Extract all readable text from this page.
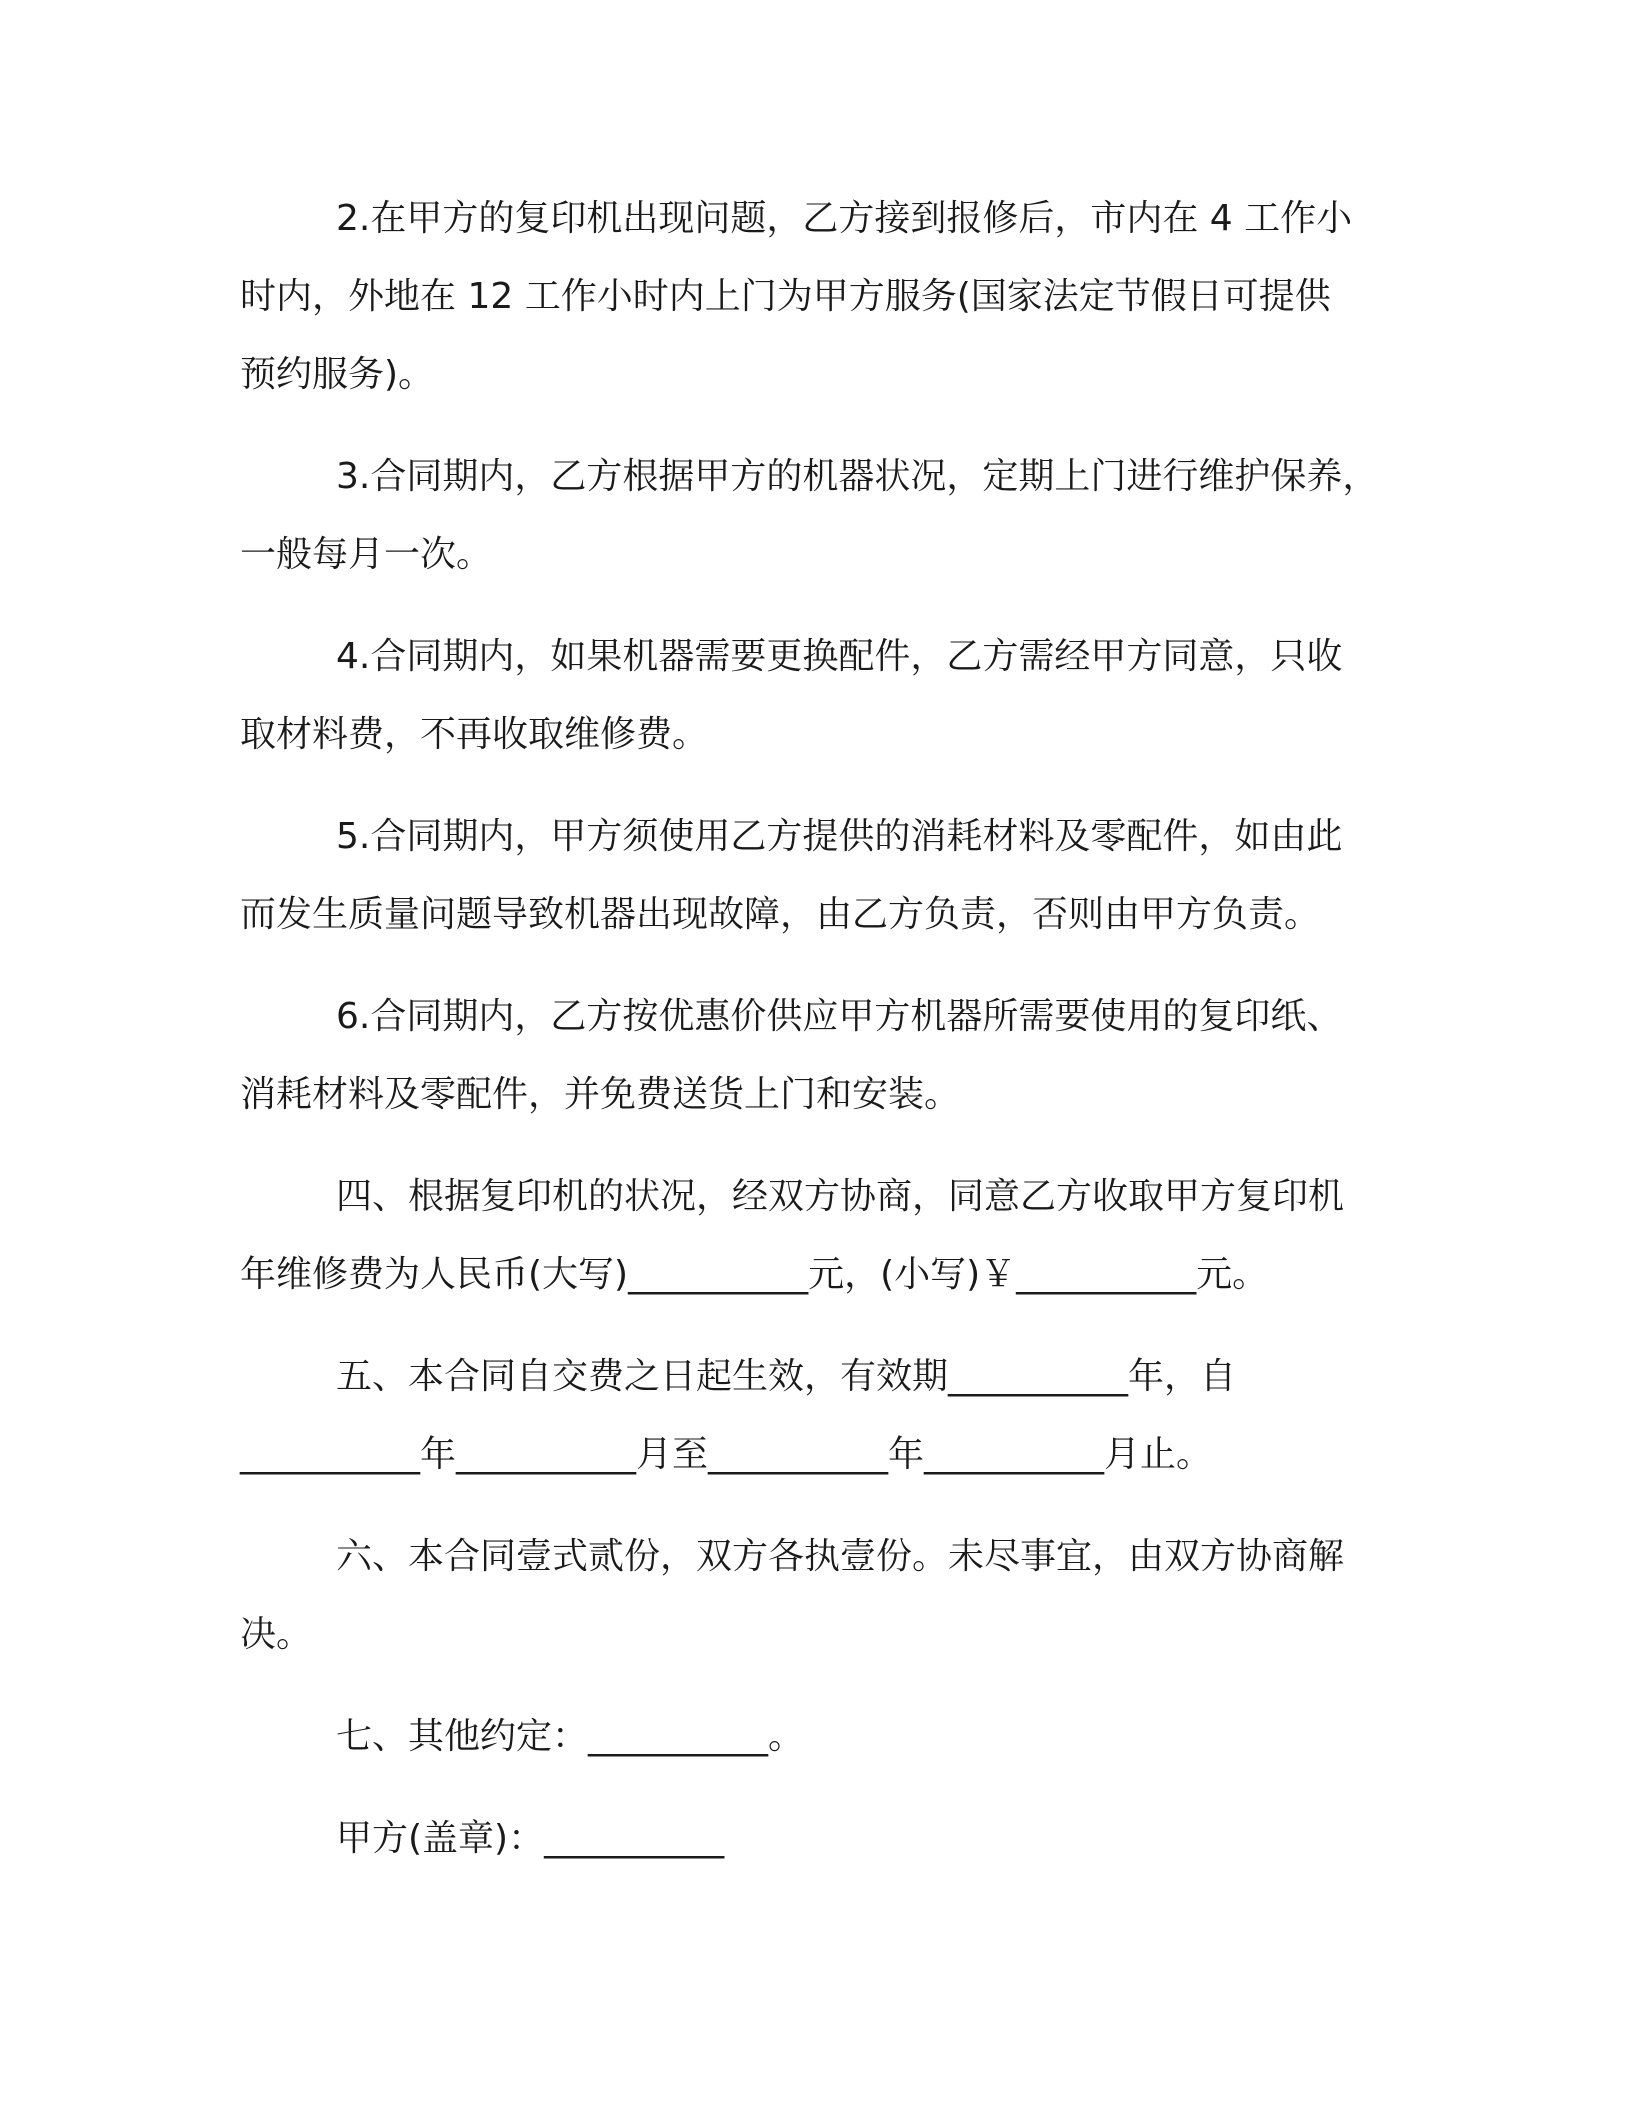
2.在甲方的复印机出现问题，乙方接到报修后，市内在 4 工作小
时内，外地在 12 工作小时内上门为甲方服务(国家法定节假日可提供
预约服务)。

3.合同期内，乙方根据甲方的机器状况，定期上门进行维护保养，
一般每月一次。

4.合同期内，如果机器需要更换配件，乙方需经甲方同意，只收
取材料费，不再收取维修费。

5.合同期内，甲方须使用乙方提供的消耗材料及零配件，如由此
而发生质量问题导致机器出现故障，由乙方负责，否则由甲方负责。

6.合同期内，乙方按优惠价供应甲方机器所需要使用的复印纸、
消耗材料及零配件，并免费送货上门和安装。

四、根据复印机的状况，经双方协商，同意乙方收取甲方复印机
年维修费为人民币(大写)__________元，(小写)￥__________元。

五、本合同自交费之日起生效，有效期__________年，自
__________年__________月至__________年__________月止。

六、本合同壹式贰份，双方各执壹份。未尽事宜，由双方协商解
决。

七、其他约定：__________。

甲方(盖章)：__________
